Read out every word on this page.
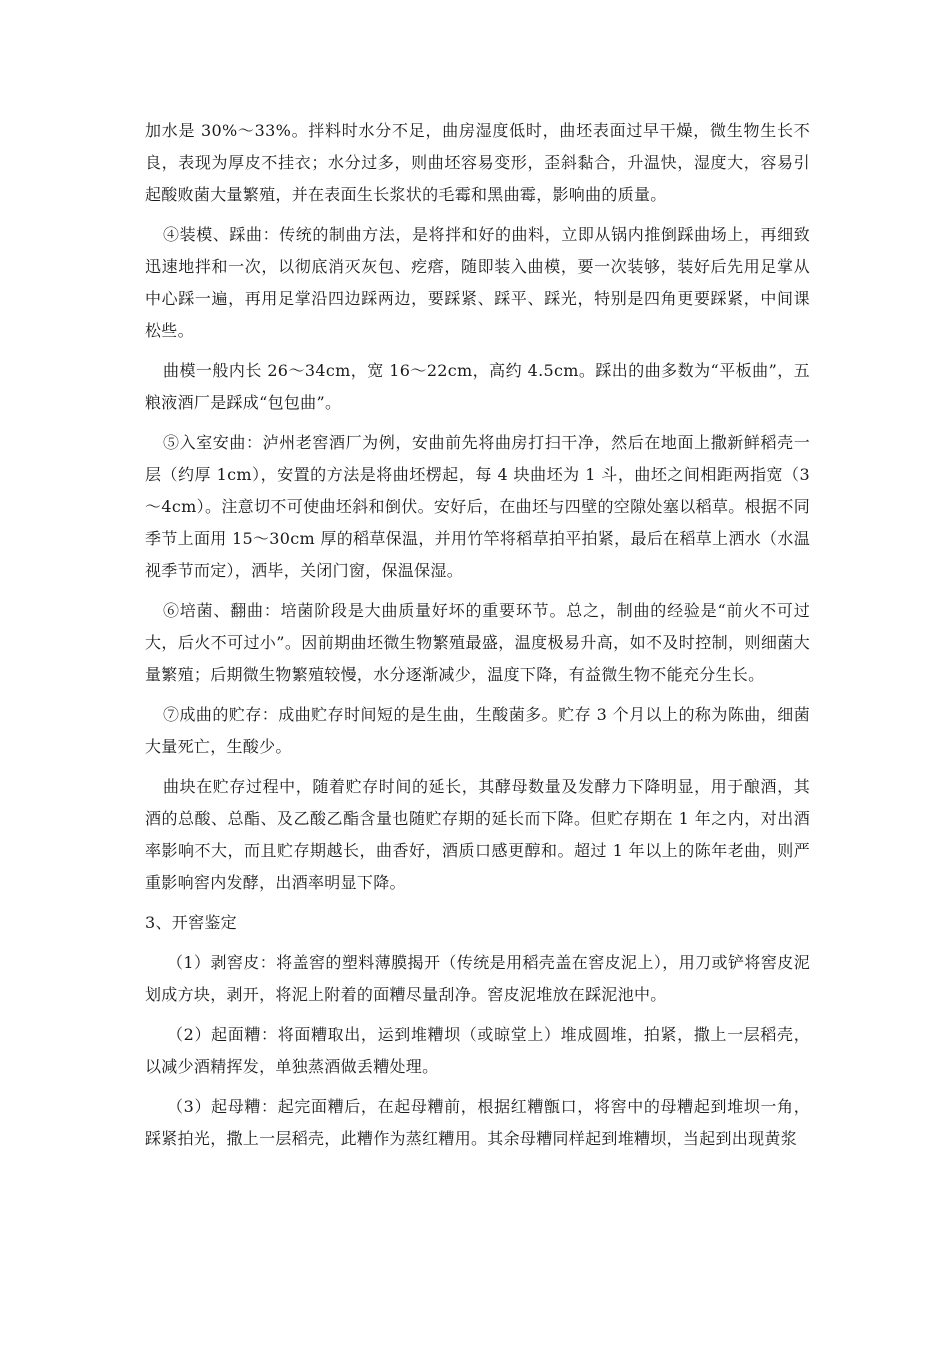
加水是 30%～33%。拌料时水分不足，曲房湿度低时，曲坯表面过早干燥，微生物生长不良，表现为厚皮不挂衣；水分过多，则曲坯容易变形，歪斜黏合，升温快，湿度大，容易引起酸败菌大量繁殖，并在表面生长浆状的毛霉和黑曲霉，影响曲的质量。

④装模、踩曲：传统的制曲方法，是将拌和好的曲料，立即从锅内推倒踩曲场上，再细致迅速地拌和一次，以彻底消灭灰包、疙瘩，随即装入曲模，要一次装够，装好后先用足掌从中心踩一遍，再用足掌沿四边踩两边，要踩紧、踩平、踩光，特别是四角更要踩紧，中间课松些。

曲模一般内长 26～34cm，宽 16～22cm，高约 4.5cm。踩出的曲多数为“平板曲”，五粮液酒厂是踩成“包包曲”。

⑤入室安曲：泸州老窖酒厂为例，安曲前先将曲房打扫干净，然后在地面上撒新鲜稻壳一层（约厚 1cm），安置的方法是将曲坯楞起，每 4 块曲坯为 1 斗，曲坯之间相距两指宽（3～4cm）。注意切不可使曲坯斜和倒伏。安好后，在曲坯与四壁的空隙处塞以稻草。根据不同季节上面用 15～30cm 厚的稻草保温，并用竹竿将稻草拍平拍紧，最后在稻草上洒水（水温视季节而定），洒毕，关闭门窗，保温保湿。

⑥培菌、翻曲：培菌阶段是大曲质量好坏的重要环节。总之，制曲的经验是“前火不可过大，后火不可过小”。因前期曲坯微生物繁殖最盛，温度极易升高，如不及时控制，则细菌大量繁殖；后期微生物繁殖较慢，水分逐渐减少，温度下降，有益微生物不能充分生长。

⑦成曲的贮存：成曲贮存时间短的是生曲，生酸菌多。贮存 3 个月以上的称为陈曲，细菌大量死亡，生酸少。

曲块在贮存过程中，随着贮存时间的延长，其酵母数量及发酵力下降明显，用于酿酒，其酒的总酸、总酯、及乙酸乙酯含量也随贮存期的延长而下降。但贮存期在 1 年之内，对出酒率影响不大，而且贮存期越长，曲香好，酒质口感更醇和。超过 1 年以上的陈年老曲，则严重影响窖内发酵，出酒率明显下降。

3、开窖鉴定

（1）剥窖皮：将盖窖的塑料薄膜揭开（传统是用稻壳盖在窖皮泥上），用刀或铲将窖皮泥划成方块，剥开，将泥上附着的面糟尽量刮净。窖皮泥堆放在踩泥池中。

（2）起面糟：将面糟取出，运到堆糟坝（或晾堂上）堆成圆堆，拍紧，撒上一层稻壳，以减少酒精挥发，单独蒸酒做丢糟处理。

（3）起母糟：起完面糟后，在起母糟前，根据红糟甑口，将窖中的母糟起到堆坝一角，踩紧拍光，撒上一层稻壳，此糟作为蒸红糟用。其余母糟同样起到堆糟坝，当起到出现黄浆
